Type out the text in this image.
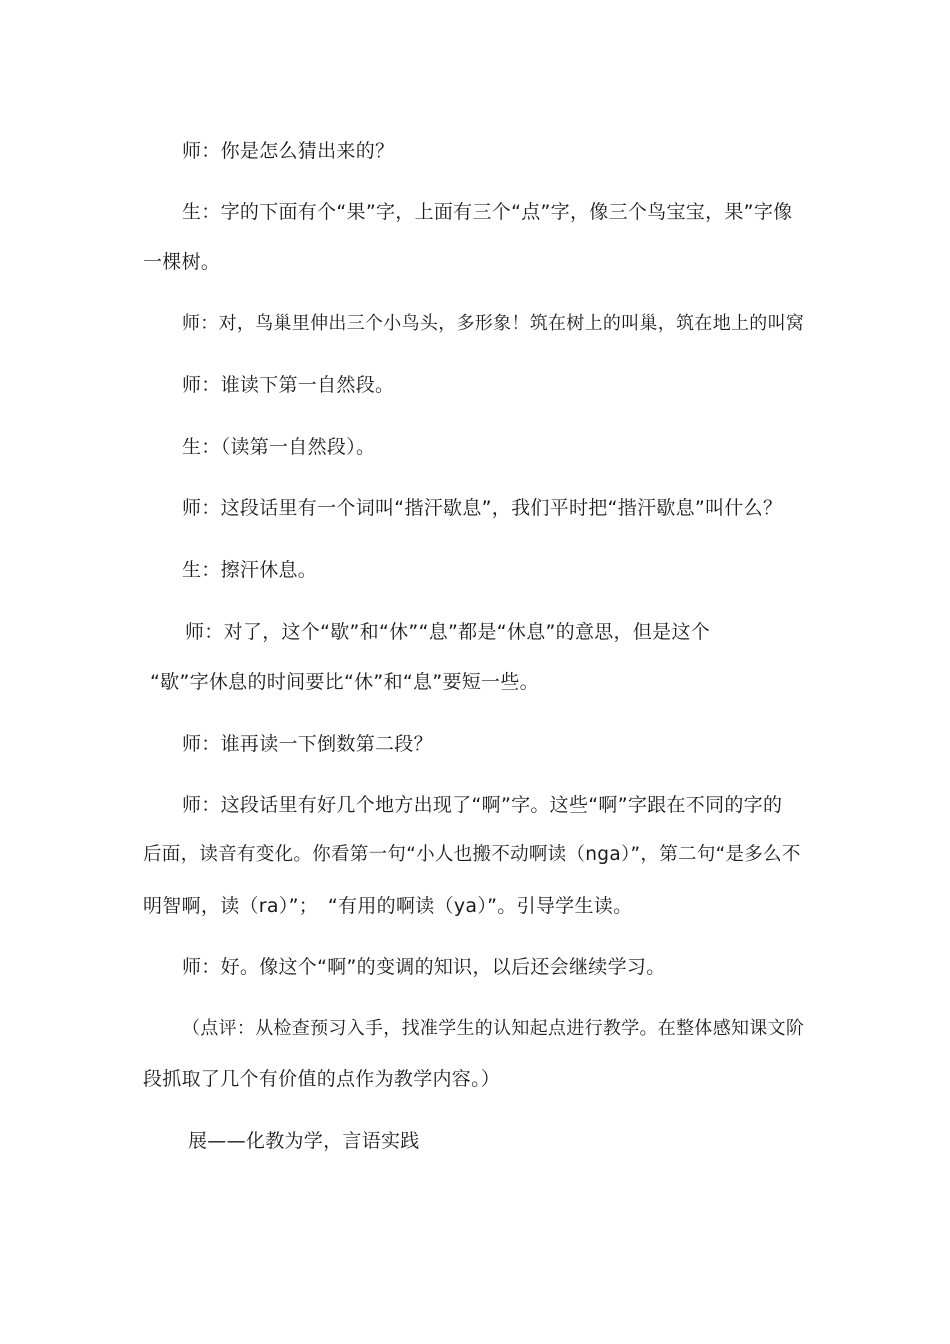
师：你是怎么猜出来的？
生：字的下面有个“果”字，上面有三个“点”字，像三个鸟宝宝，果”字像
一棵树。
师：对，鸟巢里伸出三个小鸟头，多形象！筑在树上的叫巢，筑在地上的叫窝
师：谁读下第一自然段。
生：（读第一自然段）。
师：这段话里有一个词叫“揩汗歇息”，我们平时把“揩汗歇息”叫什么？
生：擦汗休息。
师：对了，这个“歇”和“休”“息”都是“休息”的意思，但是这个
“歇”字休息的时间要比“休”和“息”要短一些。
师：谁再读一下倒数第二段？
师：这段话里有好几个地方出现了“啊”字。这些“啊”字跟在不同的字的
后面，读音有变化。你看第一句“小人也搬不动啊读（nga）”，第二句“是多么不
明智啊，读（ra）”；　“有用的啊读（ya）”。引导学生读。
师：好。像这个“啊”的变调的知识，以后还会继续学习。
（点评：从检查预习入手，找准学生的认知起点进行教学。在整体感知课文阶
段抓取了几个有价值的点作为教学内容。）
展——化教为学，言语实践
